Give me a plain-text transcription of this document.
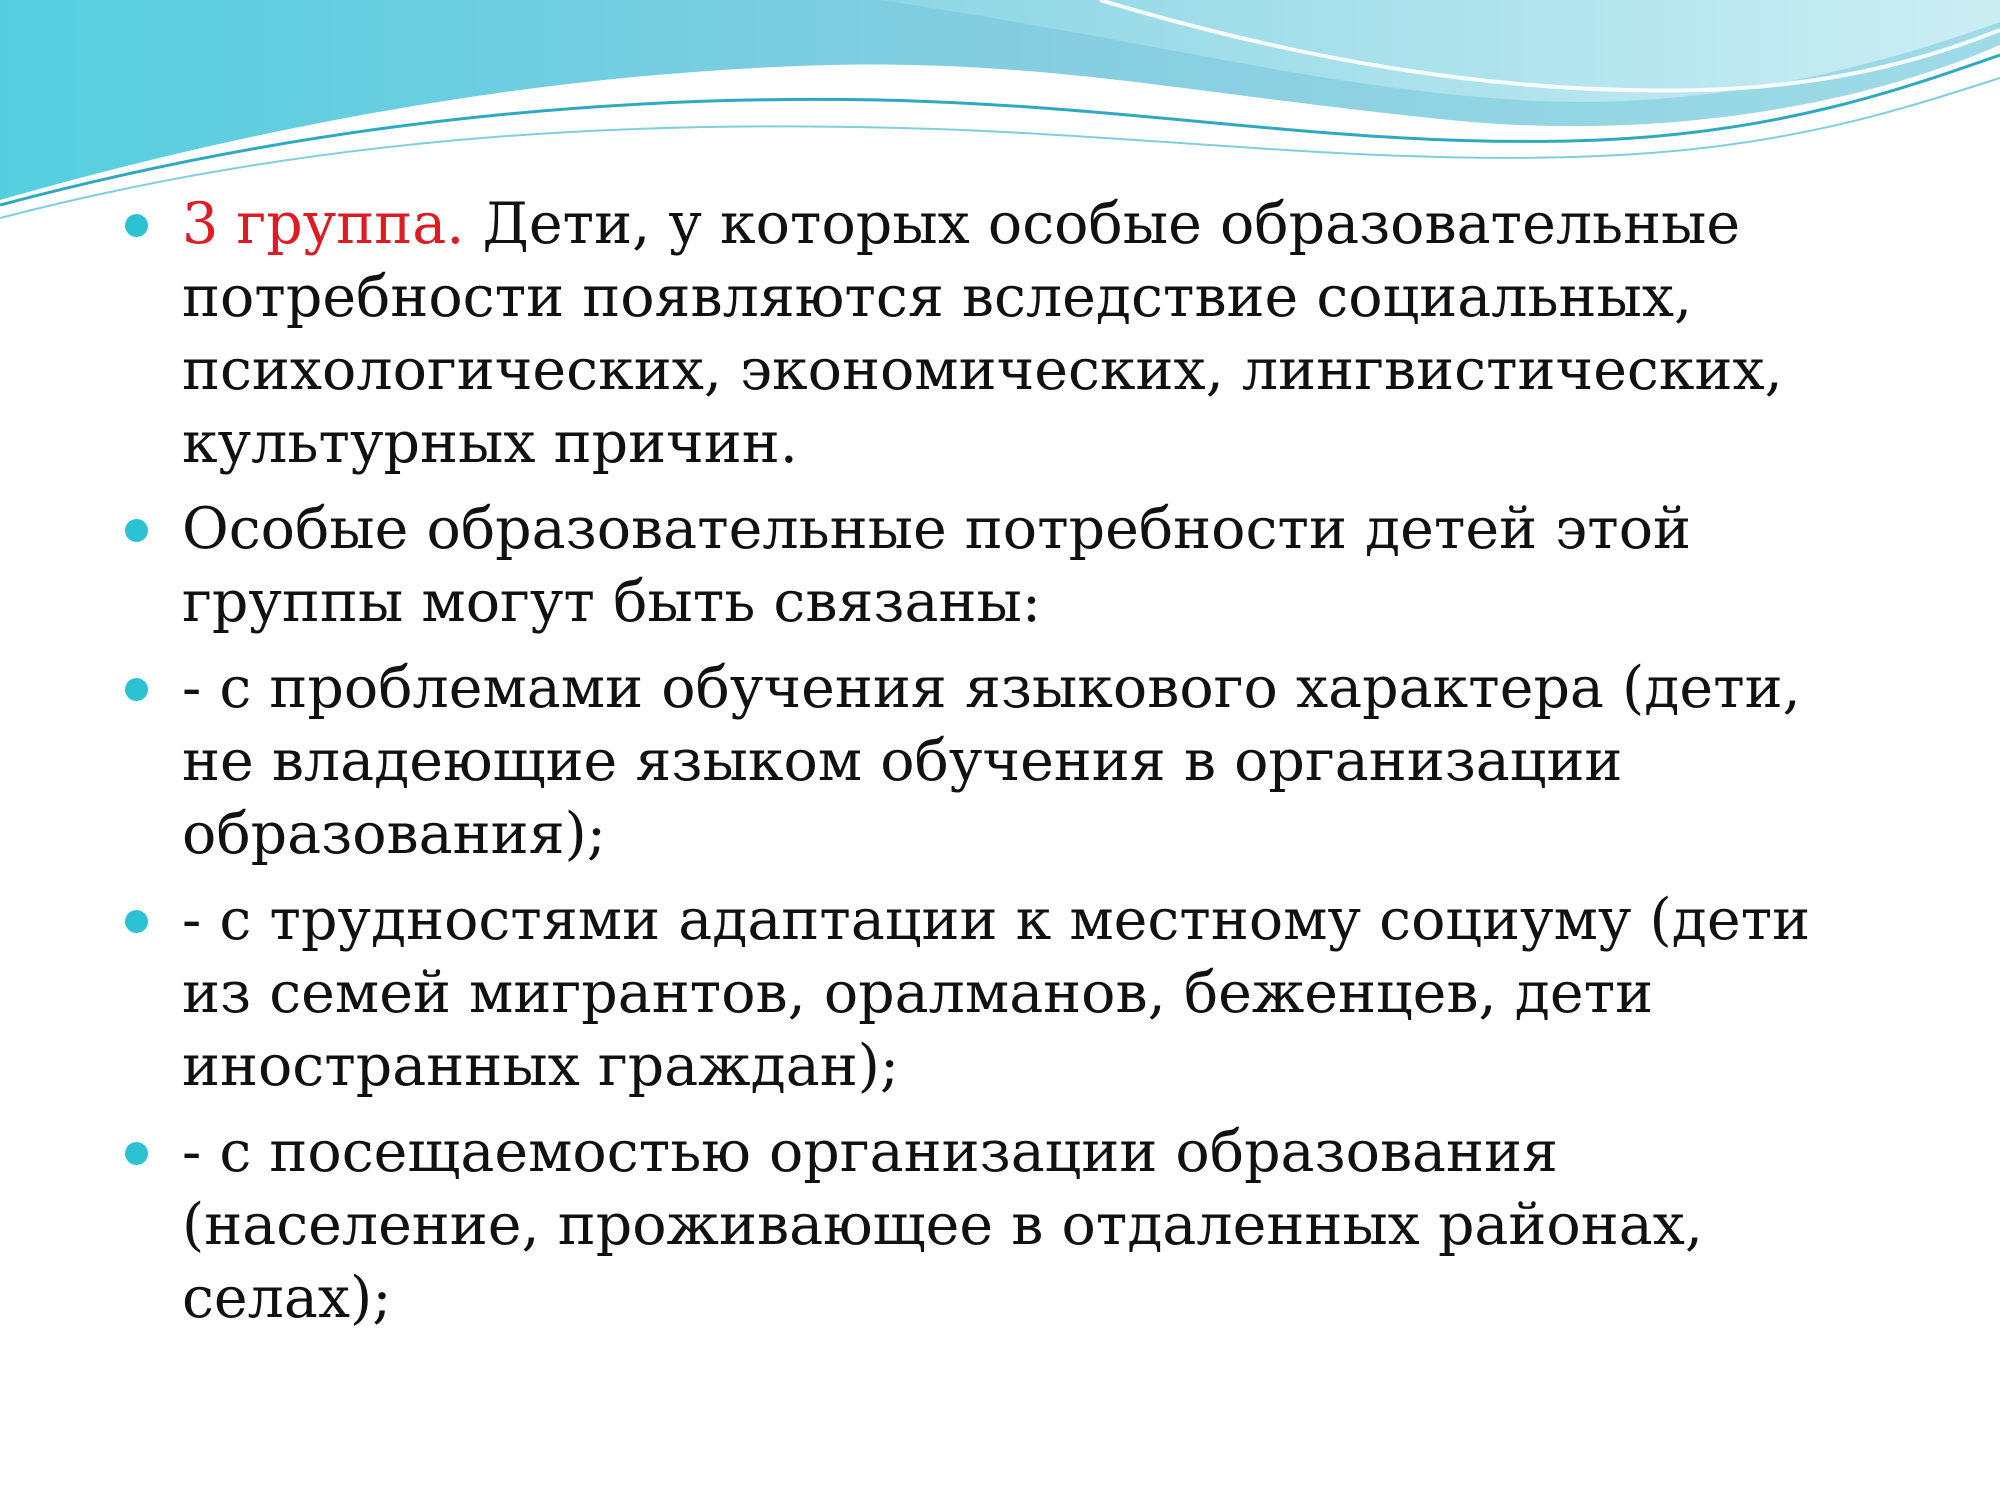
3 группа. Дети, у которых особые образовательные потребности появляются вследствие социальных, психологических, экономических, лингвистических, культурных причин.
Особые образовательные потребности детей этой группы могут быть связаны:
- с проблемами обучения языкового характера (дети, не владеющие языком обучения в организации образования);
- с трудностями адаптации к местному социуму (дети из семей мигрантов, оралманов, беженцев, дети иностранных граждан);
- с посещаемостью организации образования (население, проживающее в отдаленных районах, селах);
